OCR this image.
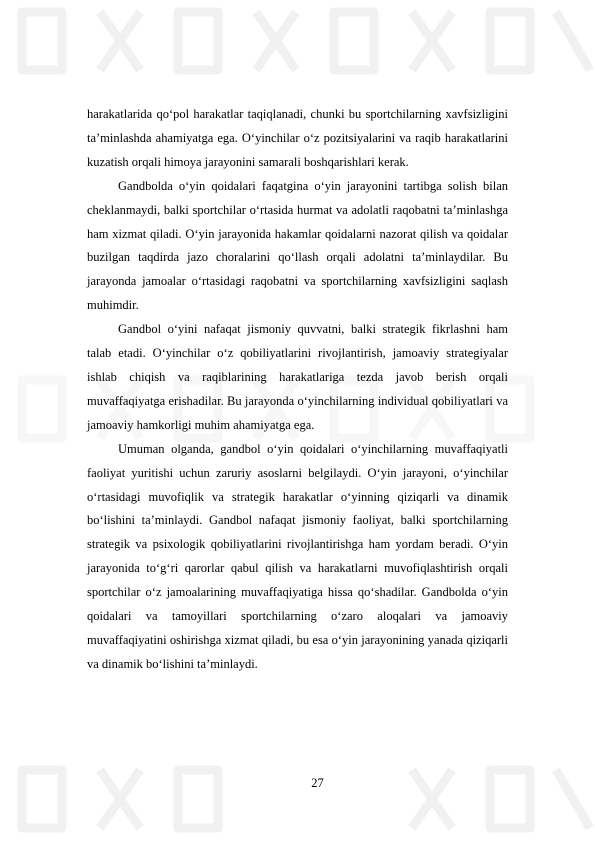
harakatlarida qo‘pol harakatlar taqiqlanadi, chunki bu sportchilarning xavfsizligini ta’minlashda ahamiyatga ega. O‘yinchilar o‘z pozitsiyalarini va raqib harakatlarini kuzatish orqali himoya jarayonini samarali boshqarishlari kerak.

Gandbolda o‘yin qoidalari faqatgina o‘yin jarayonini tartibga solish bilan cheklanmaydi, balki sportchilar o‘rtasida hurmat va adolatli raqobatni ta’minlashga ham xizmat qiladi. O‘yin jarayonida hakamlar qoidalarni nazorat qilish va qoidalar buzilgan taqdirda jazo choralarini qo‘llash orqali adolatni ta’minlaydilar. Bu jarayonda jamoalar o‘rtasidagi raqobatni va sportchilarning xavfsizligini saqlash muhimdir.

Gandbol o‘yini nafaqat jismoniy quvvatni, balki strategik fikrlashni ham talab etadi. O‘yinchilar o‘z qobiliyatlarini rivojlantirish, jamoaviy strategiyalar ishlab chiqish va raqiblarining harakatlariga tezda javob berish orqali muvaffaqiyatga erishadilar. Bu jarayonda o‘yinchilarning individual qobiliyatlari va jamoaviy hamkorligi muhim ahamiyatga ega.

Umuman olganda, gandbol o‘yin qoidalari o‘yinchilarning muvaffaqiyatli faoliyat yuritishi uchun zaruriy asoslarni belgilaydi. O‘yin jarayoni, o‘yinchilar o‘rtasidagi muvofiqlik va strategik harakatlar o‘yinning qiziqarli va dinamik bo‘lishini ta’minlaydi. Gandbol nafaqat jismoniy faoliyat, balki sportchilarning strategik va psixologik qobiliyatlarini rivojlantirishga ham yordam beradi. O‘yin jarayonida to‘g‘ri qarorlar qabul qilish va harakatlarni muvofiqlashtirish orqali sportchilar o‘z jamoalarining muvaffaqiyatiga hissa qo‘shadilar. Gandbolda o‘yin qoidalari va tamoyillari sportchilarning o‘zaro aloqalari va jamoaviy muvaffaqiyatini oshirishga xizmat qiladi, bu esa o‘yin jarayonining yanada qiziqarli va dinamik bo‘lishini ta’minlaydi.

27
